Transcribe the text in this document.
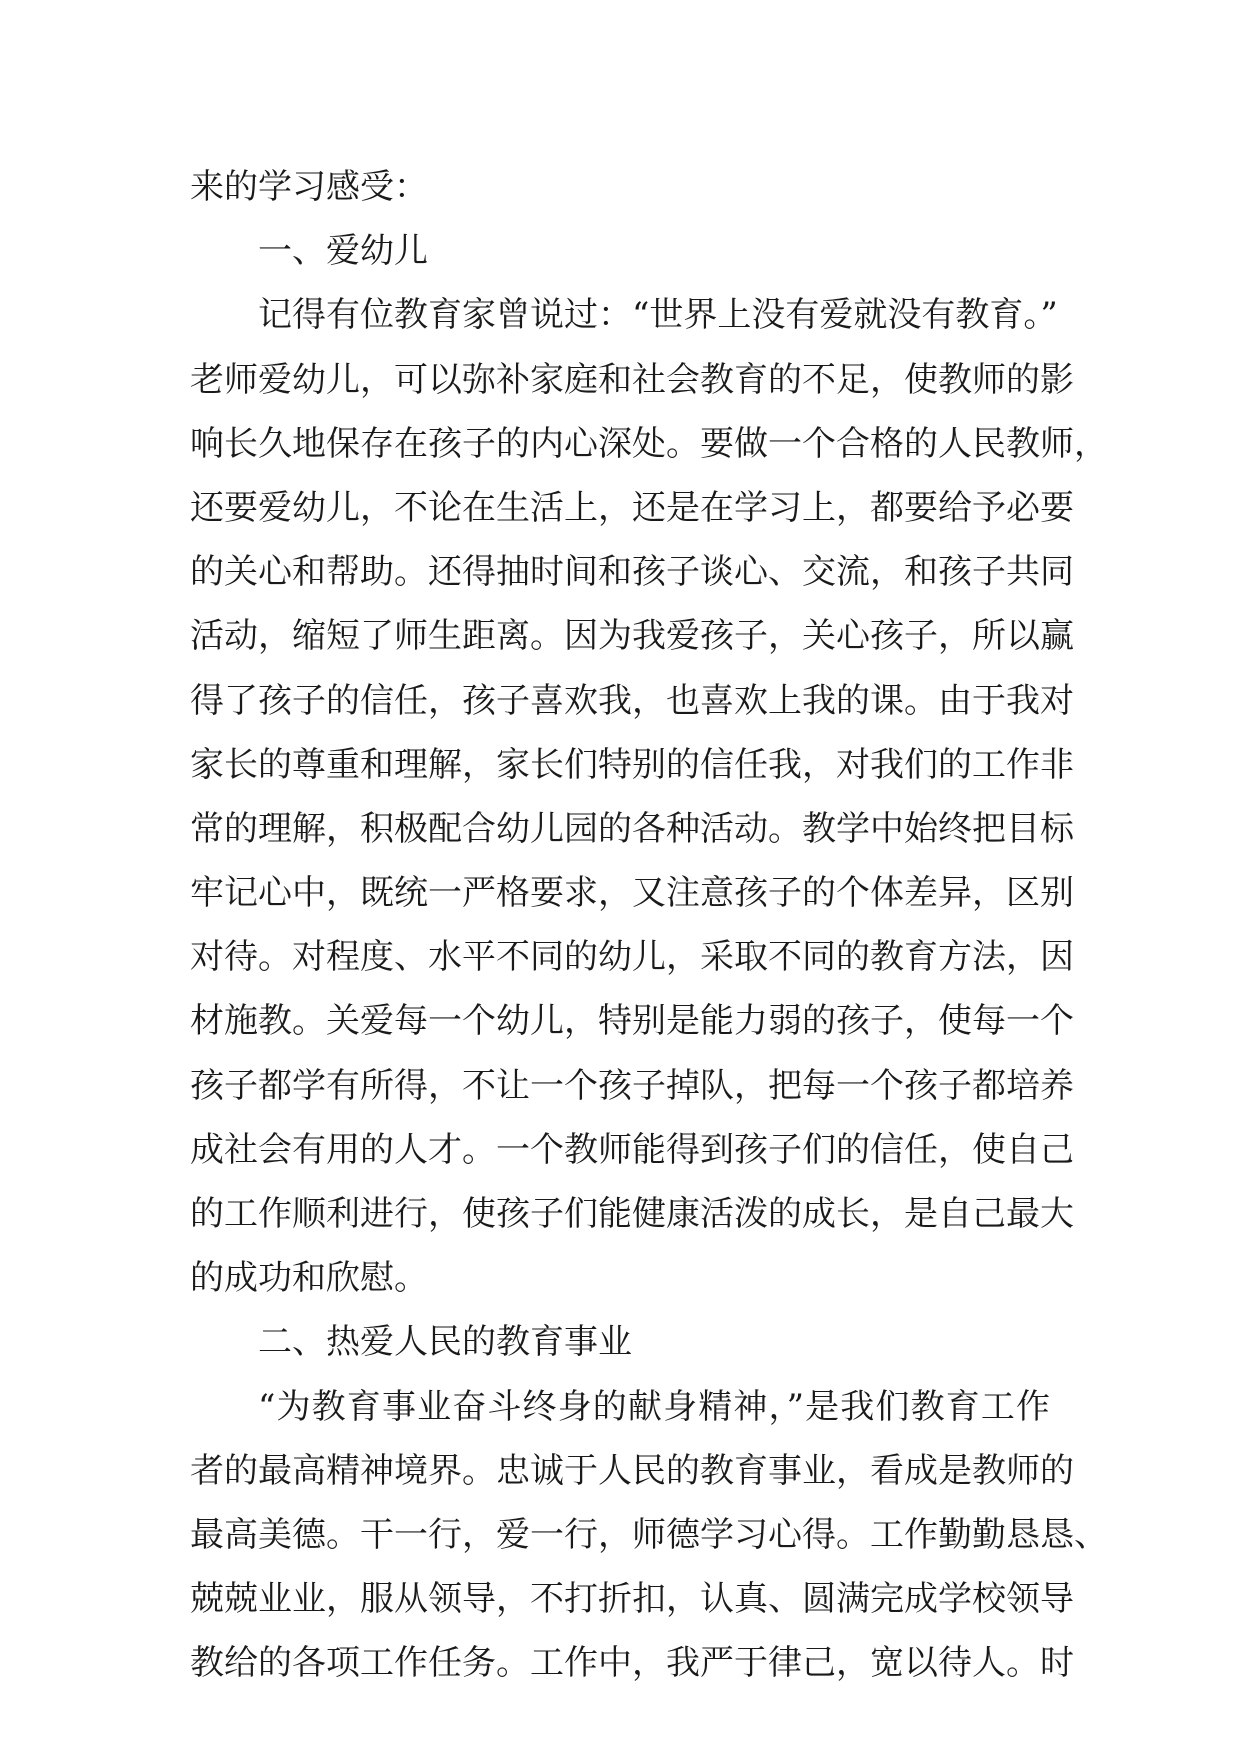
来的学习感受：
一、爱幼儿
记得有位教育家曾说过：“世界上没有爱就没有教育。”
老师爱幼儿，可以弥补家庭和社会教育的不足，使教师的影
响长久地保存在孩子的内心深处。要做一个合格的人民教师，
还要爱幼儿，不论在生活上，还是在学习上，都要给予必要
的关心和帮助。还得抽时间和孩子谈心、交流，和孩子共同
活动，缩短了师生距离。因为我爱孩子，关心孩子，所以赢
得了孩子的信任，孩子喜欢我，也喜欢上我的课。由于我对
家长的尊重和理解，家长们特别的信任我，对我们的工作非
常的理解，积极配合幼儿园的各种活动。教学中始终把目标
牢记心中，既统一严格要求，又注意孩子的个体差异，区别
对待。对程度、水平不同的幼儿，采取不同的教育方法，因
材施教。关爱每一个幼儿，特别是能力弱的孩子，使每一个
孩子都学有所得，不让一个孩子掉队，把每一个孩子都培养
成社会有用的人才。一个教师能得到孩子们的信任，使自己
的工作顺利进行，使孩子们能健康活泼的成长，是自己最大
的成功和欣慰。
二、热爱人民的教育事业
“为教育事业奋斗终身的献身精神，”是我们教育工作
者的最高精神境界。忠诚于人民的教育事业，看成是教师的
最高美德。干一行，爱一行，师德学习心得。工作勤勤恳恳、
兢兢业业，服从领导，不打折扣，认真、圆满完成学校领导
教给的各项工作任务。工作中，我严于律己，宽以待人。时
